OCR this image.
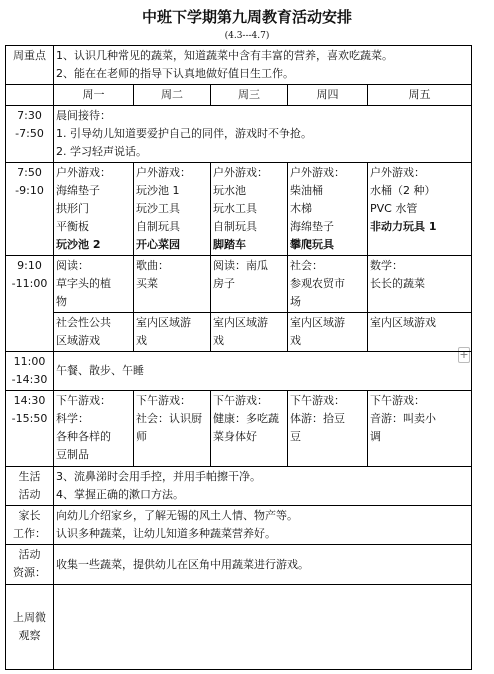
中班下学期第九周教育活动安排
(4.3---4.7)
+
周重点	1、认识几种常见的蔬菜，知道蔬菜中含有丰富的营养，喜欢吃蔬菜。
2、能在在老师的指导下认真地做好值日生工作。				

	周一	周二	周三	周四	周五

7:30
-7:50	晨间接待：
1. 引导幼儿知道要爱护自己的同伴，游戏时不争抢。
2. 学习轻声说话。				

7:50
-9:10	户外游戏：
海绵垫子
拱形门
平衡板
玩沙池 2	户外游戏：
玩沙池 1
玩沙工具
自制玩具
开心菜园	户外游戏：
玩水池
玩水工具
自制玩具
脚踏车	户外游戏：
柴油桶
木梯
海绵垫子
攀爬玩具	户外游戏：
水桶（2 种）
PVC 水管
非动力玩具 1

9:10
-11:00	阅读：
草字头的植
物	歌曲：
买菜	阅读：南瓜
房子	社会：
参观农贸市
场	数学：
长长的蔬菜

	社会性公共
区域游戏	室内区域游
戏	室内区域游
戏	室内区域游
戏	室内区域游戏

11:00
-14:30	午餐、散步、午睡				

14:30
-15:50	下午游戏：
科学：
各种各样的
豆制品	下午游戏：
社会：认识厨
师	下午游戏：
健康：多吃蔬
菜身体好	下午游戏：
体游：拾豆
豆	下午游戏：
音游：叫卖小
调

生活
活动	3、流鼻涕时会用手控，并用手帕擦干净。
4、掌握正确的漱口方法。				

家长
工作：	向幼儿介绍家乡，了解无锡的风土人情、物产等。
认识多种蔬菜，让幼儿知道多种蔬菜营养好。				

活动
资源：	收集一些蔬菜，提供幼儿在区角中用蔬菜进行游戏。				

上周微
观察					
